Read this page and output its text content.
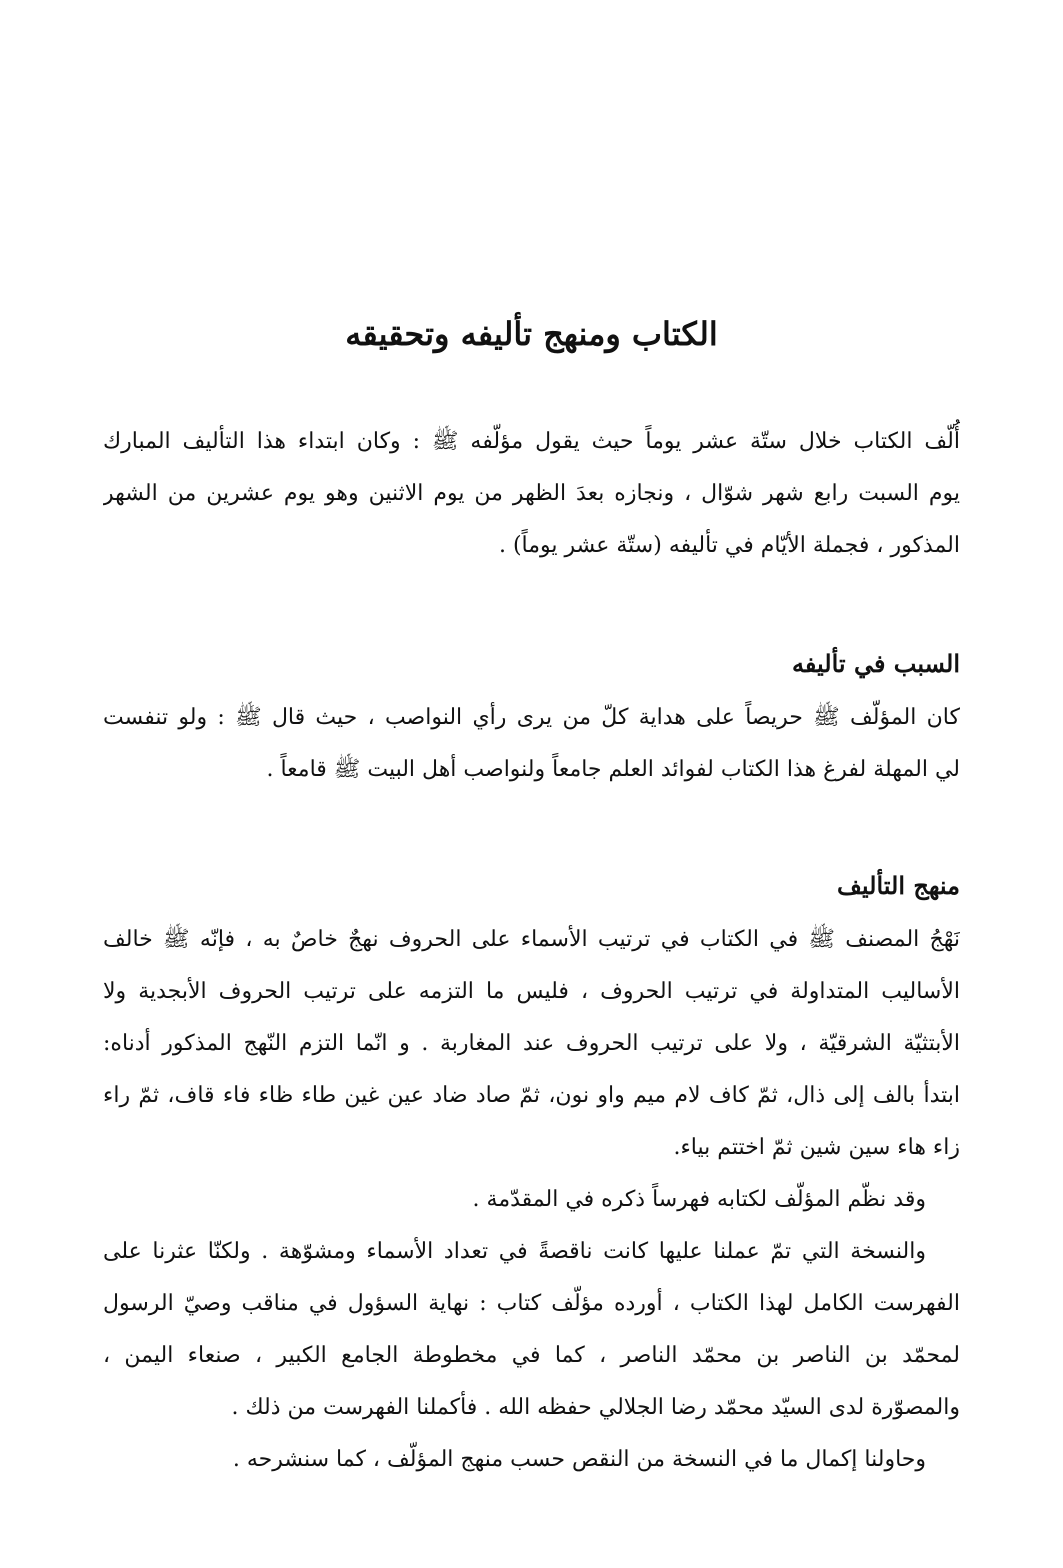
الكتاب ومنهج تأليفه وتحقيقه
أُلّف الكتاب خلال ستّة عشر يوماً حيث يقول مؤلّفه ﷺ : وكان ابتداء هذا التأليف المبارك
يوم السبت رابع شهر شوّال ، ونجازه بعدَ الظهر من يوم الاثنين وهو يوم عشرين من الشهر
المذكور ، فجملة الأيّام في تأليفه (ستّة عشر يوماً) .
السبب في تأليفه
كان المؤلّف ﷺ حريصاً على هداية كلّ من يرى رأي النواصب ، حيث قال ﷺ : ولو تنفست
لي المهلة لفرغ هذا الكتاب لفوائد العلم جامعاً ولنواصب أهل البيت ﷺ قامعاً .
منهج التأليف
نَهْجُ المصنف ﷺ في الكتاب في ترتيب الأسماء على الحروف نهجٌ خاصٌ به ، فإنّه ﷺ خالف
الأساليب المتداولة في ترتيب الحروف ، فليس ما التزمه على ترتيب الحروف الأبجدية ولا
الأبتثيّة الشرقيّة ، ولا على ترتيب الحروف عند المغاربة . و انّما التزم النّهج المذكور أدناه:
ابتدأ بالف إلى ذال، ثمّ كاف لام ميم واو نون، ثمّ صاد ضاد عين غين طاء ظاء فاء قاف، ثمّ راء
زاء هاء سين شين ثمّ اختتم بياء.
وقد نظّم المؤلّف لكتابه فهرساً ذكره في المقدّمة .
والنسخة التي تمّ عملنا عليها كانت ناقصةً في تعداد الأسماء ومشوّهة . ولكنّا عثرنا على
الفهرست الكامل لهذا الكتاب ، أورده مؤلّف كتاب : نهاية السؤول في مناقب وصيّ الرسول
لمحمّد بن الناصر بن محمّد الناصر ، كما في مخطوطة الجامع الكبير ، صنعاء اليمن ،
والمصوّرة لدى السيّد محمّد رضا الجلالي حفظه الله . فأكملنا الفهرست من ذلك .
وحاولنا إكمال ما في النسخة من النقص حسب منهج المؤلّف ، كما سنشرحه .
